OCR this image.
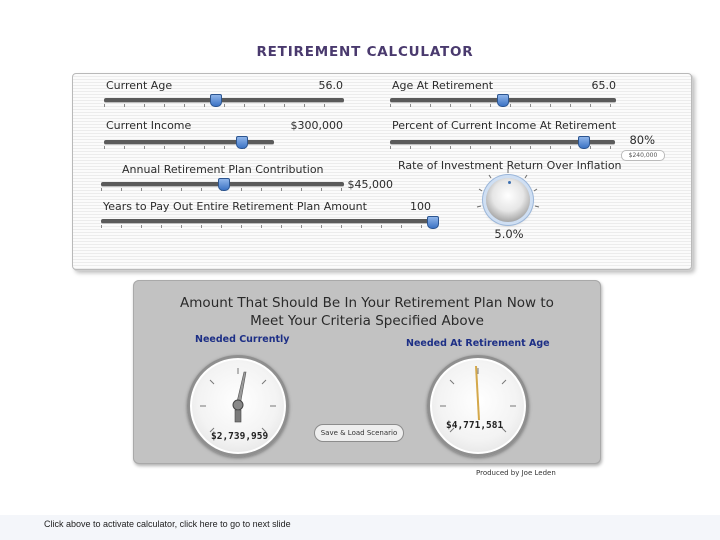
RETIREMENT CALCULATOR
Current Age	56.0	Age At Retirement	65.0
Current Income	$300,000	Percent of Current Income At Retirement
80%
$240,000
Annual Retirement Plan Contribution
$45,000
Rate of Investment Return Over Inflation
Years to Pay Out Entire Retirement Plan Amount	100
5.0%
Amount That Should Be In Your Retirement Plan Now to
Meet Your Criteria Specified Above
Needed Currently	Needed At Retirement Age
$2,739,959
$4,771,581
Save & Load Scenario
Produced by Joe Leden
Click above to activate calculator, click here to go to next slide
